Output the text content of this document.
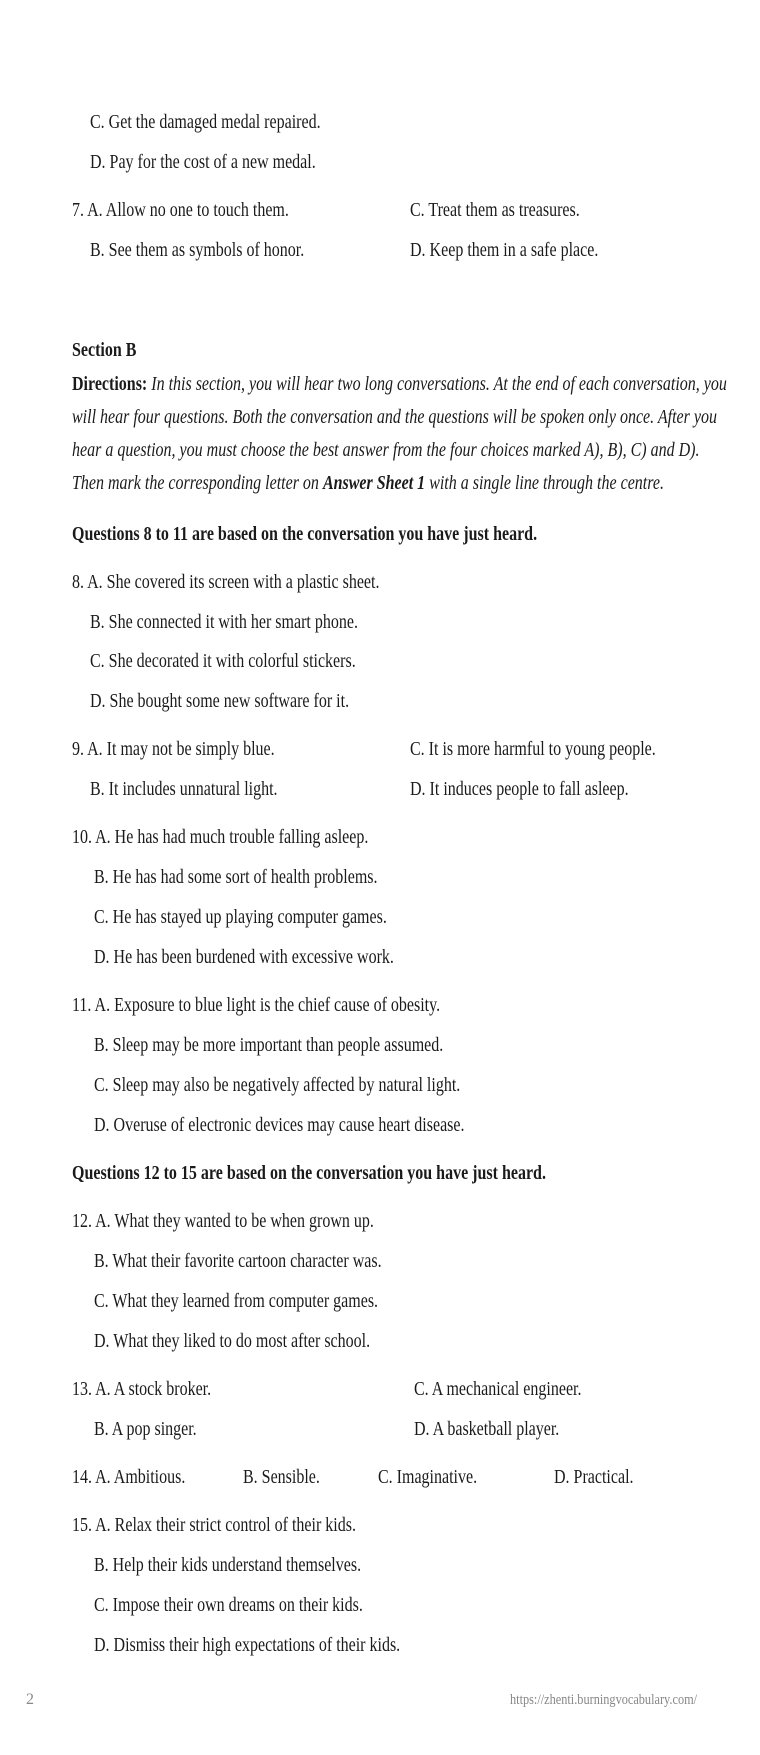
C. Get the damaged medal repaired.
D. Pay for the cost of a new medal.
7. A. Allow no one to touch them.	C. Treat them as treasures.
B. See them as symbols of honor.	D. Keep them in a safe place.
Section B
Directions: In this section, you will hear two long conversations. At the end of each conversation, you
will hear four questions. Both the conversation and the questions will be spoken only once. After you
hear a question, you must choose the best answer from the four choices marked A), B), C) and D).
Then mark the corresponding letter on Answer Sheet 1 with a single line through the centre.
Questions 8 to 11 are based on the conversation you have just heard.
8. A. She covered its screen with a plastic sheet.
B. She connected it with her smart phone.
C. She decorated it with colorful stickers.
D. She bought some new software for it.
9. A. It may not be simply blue.	C. It is more harmful to young people.
B. It includes unnatural light.	D. It induces people to fall asleep.
10. A. He has had much trouble falling asleep.
B. He has had some sort of health problems.
C. He has stayed up playing computer games.
D. He has been burdened with excessive work.
11. A. Exposure to blue light is the chief cause of obesity.
B. Sleep may be more important than people assumed.
C. Sleep may also be negatively affected by natural light.
D. Overuse of electronic devices may cause heart disease.
Questions 12 to 15 are based on the conversation you have just heard.
12. A. What they wanted to be when grown up.
B. What their favorite cartoon character was.
C. What they learned from computer games.
D. What they liked to do most after school.
13. A. A stock broker.	C. A mechanical engineer.
B. A pop singer.	D. A basketball player.
14. A. Ambitious.	B. Sensible.	C. Imaginative.	D. Practical.
15. A. Relax their strict control of their kids.
B. Help their kids understand themselves.
C. Impose their own dreams on their kids.
D. Dismiss their high expectations of their kids.
2	https://zhenti.burningvocabulary.com/
